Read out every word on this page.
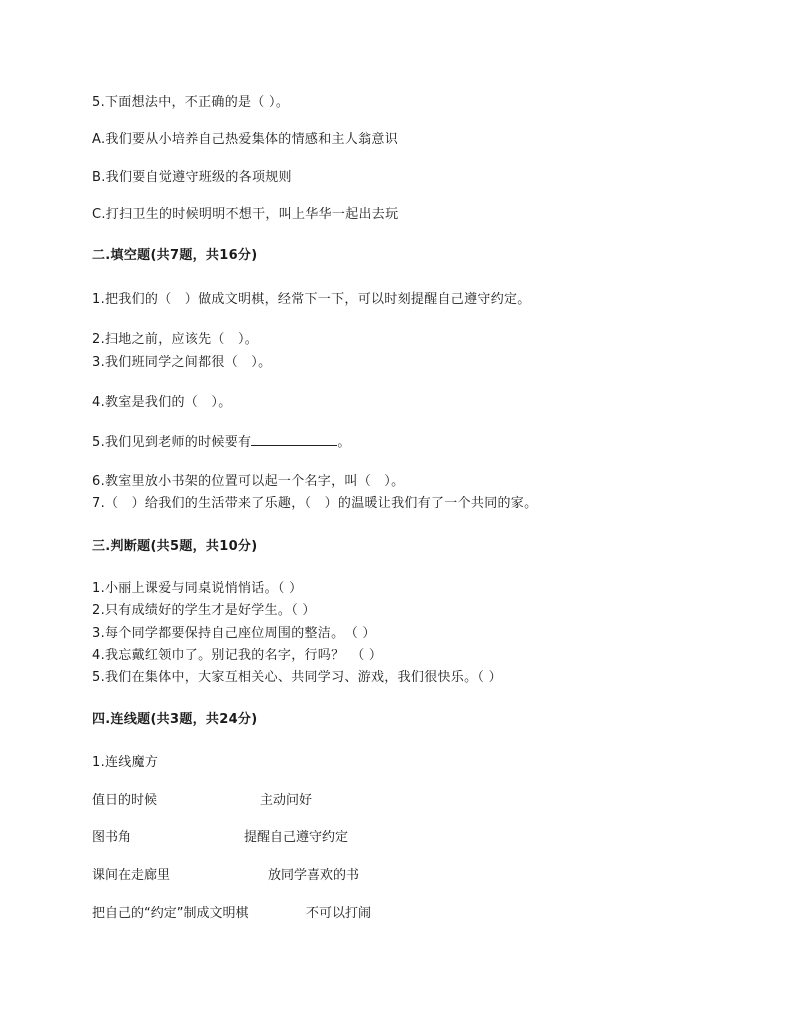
5.下面想法中，不正确的是（ ）。

A.我们要从小培养自己热爱集体的情感和主人翁意识

B.我们要自觉遵守班级的各项规则

C.打扫卫生的时候明明不想干，叫上华华一起出去玩

二.填空题(共7题，共16分)

1.把我们的（　）做成文明棋，经常下一下，可以时刻提醒自己遵守约定。

2.扫地之前，应该先（　）。

3.我们班同学之间都很（　）。

4.教室是我们的（　）。

5.我们见到老师的时候要有	。

6.教室里放小书架的位置可以起一个名字，叫（　）。

7.（　）给我们的生活带来了乐趣，（　）的温暖让我们有了一个共同的家。

三.判断题(共5题，共10分)

1.小丽上课爱与同桌说悄悄话。（ ）

2.只有成绩好的学生才是好学生。（ ）

3.每个同学都要保持自己座位周围的整洁。　（ ）

4.我忘戴红领巾了。别记我的名字，行吗？　（ ）

5.我们在集体中，大家互相关心、共同学习、游戏，我们很快乐。（ ）

四.连线题(共3题，共24分)

1.连线魔方

值日的时候	主动问好

图书角	提醒自己遵守约定

课间在走廊里	放同学喜欢的书

把自己的“约定”制成文明棋	不可以打闹
